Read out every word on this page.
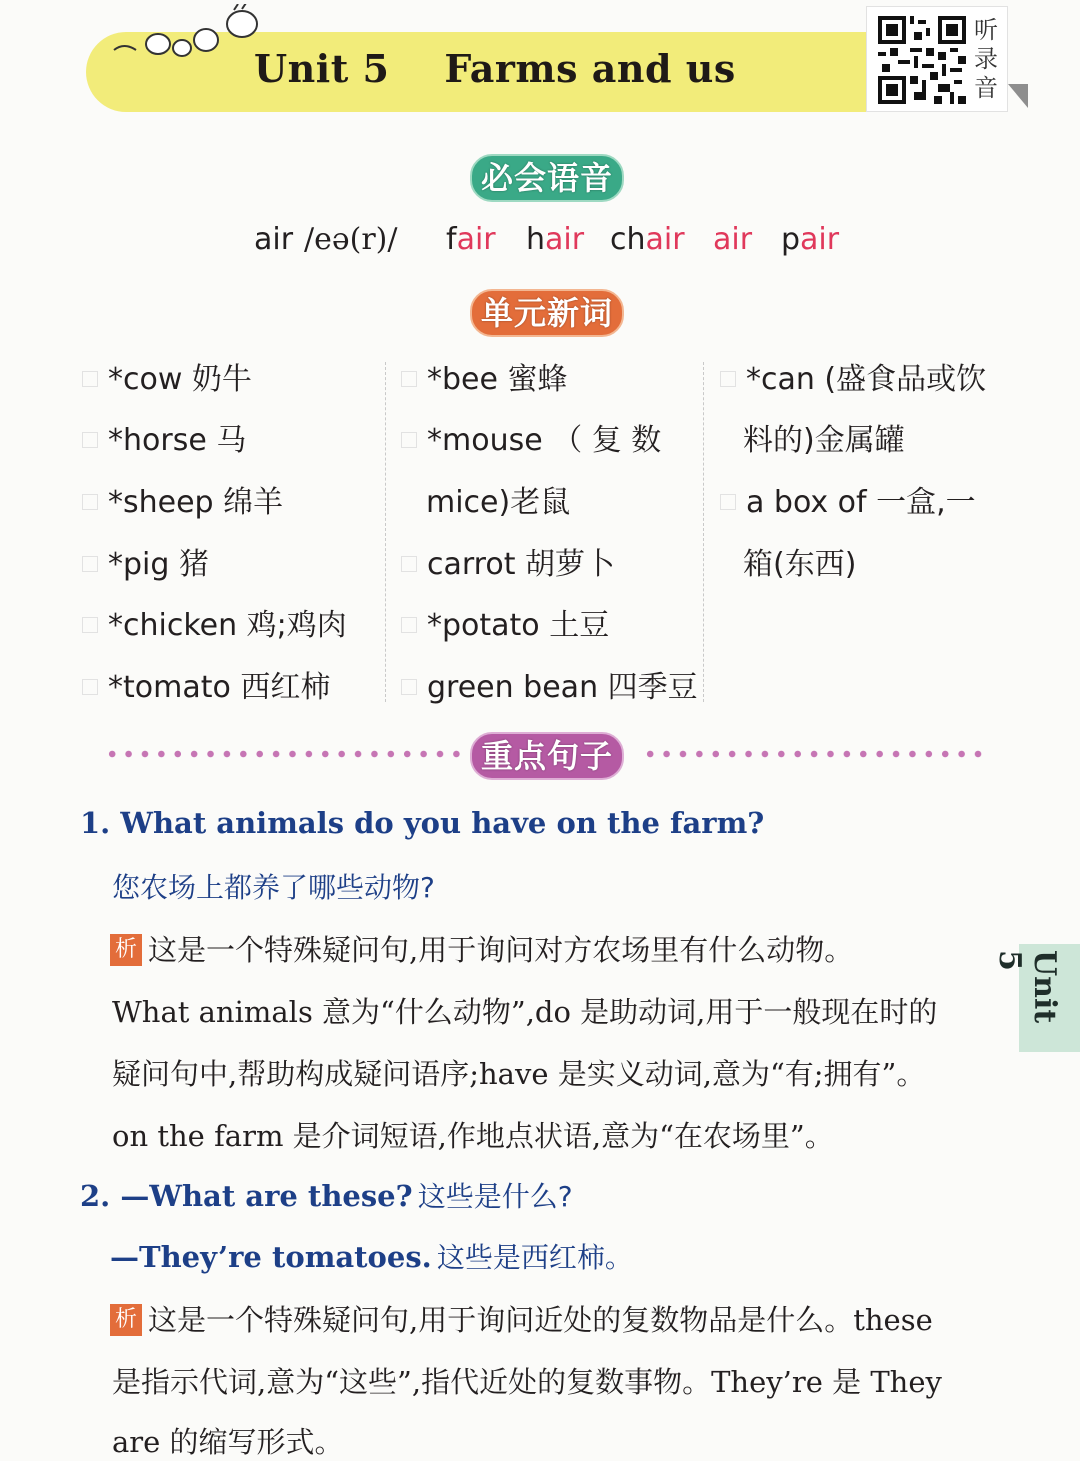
Unit 5    Farms and us
听
录
音
必会语音
air /eə(r)/ fair hair chair air pair
单元新词
*cow 奶牛
*horse 马
*sheep 绵羊
*pig 猪
*chicken 鸡;鸡肉
*tomato 西红柿
*bee 蜜蜂
*mouse （ 复 数
mice)老鼠
carrot 胡萝卜
*potato 土豆
green bean 四季豆
*can (盛食品或饮
料的)金属罐
a box of 一盒,一
箱(东西)
重点句子
1. What animals do you have on the farm?
您农场上都养了哪些动物?
析 这是一个特殊疑问句,用于询问对方农场里有什么动物。
What animals 意为“什么动物”,do 是助动词,用于一般现在时的
疑问句中,帮助构成疑问语序;have 是实义动词,意为“有;拥有”。
on the farm 是介词短语,作地点状语,意为“在农场里”。
2. —What are these? 这些是什么?
—They’re tomatoes. 这些是西红柿。
析 这是一个特殊疑问句,用于询问近处的复数物品是什么。these
是指示代词,意为“这些”,指代近处的复数事物。They’re 是 They
are 的缩写形式。
Unit 5
